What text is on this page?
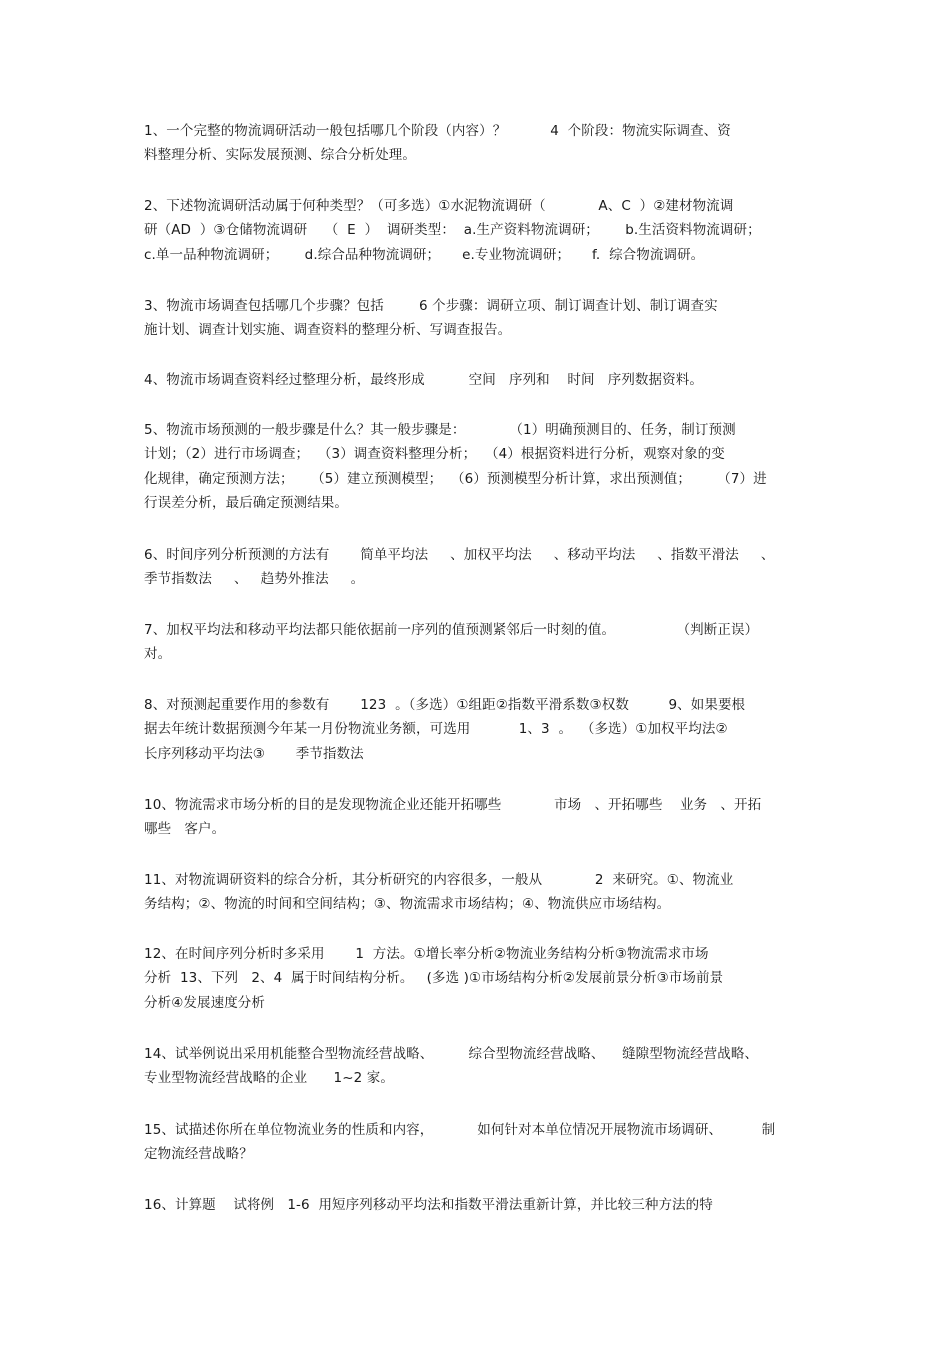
1、一个完整的物流调研活动一般包括哪几个阶段（内容）？          4  个阶段：物流实际调查、资
料整理分析、实际发展预测、综合分析处理。
2、下述物流调研活动属于何种类型？（可多选）①水泥物流调研（            A、C  ）②建材物流调
研（AD  ）③仓储物流调研    （  E  ）  调研类型：  a.生产资料物流调研；      b.生活资料物流调研；
c.单一品种物流调研；      d.综合品种物流调研；     e.专业物流调研；     f.  综合物流调研。
3、物流市场调查包括哪几个步骤？包括        6 个步骤：调研立项、制订调查计划、制订调查实
施计划、调查计划实施、调查资料的整理分析、写调查报告。
4、物流市场调查资料经过整理分析，最终形成          空间   序列和    时间   序列数据资料。
5、物流市场预测的一般步骤是什么？其一般步骤是：          （1）明确预测目的、任务，制订预测
计划；（2）进行市场调查；  （3）调查资料整理分析；  （4）根据资料进行分析，观察对象的变
化规律，确定预测方法；    （5）建立预测模型；  （6）预测模型分析计算，求出预测值；      （7）进
行误差分析，最后确定预测结果。
6、时间序列分析预测的方法有       简单平均法     、加权平均法     、移动平均法     、指数平滑法     、
季节指数法     、   趋势外推法     。
7、加权平均法和移动平均法都只能依据前一序列的值预测紧邻后一时刻的值。              （判断正误）
对。
8、对预测起重要作用的参数有       123  。（多选）①组距②指数平滑系数③权数         9、如果要根
据去年统计数据预测今年某一月份物流业务额，可选用           1、3  。  （多选）①加权平均法②
长序列移动平均法③       季节指数法
10、物流需求市场分析的目的是发现物流企业还能开拓哪些            市场   、开拓哪些    业务   、开拓
哪些   客户。
11、对物流调研资料的综合分析，其分析研究的内容很多，一般从            2  来研究。①、物流业
务结构；②、物流的时间和空间结构；③、物流需求市场结构；④、物流供应市场结构。
12、在时间序列分析时多采用       1  方法。①增长率分析②物流业务结构分析③物流需求市场
分析  13、下列   2、4  属于时间结构分析。   (多选 )①市场结构分析②发展前景分析③市场前景
分析④发展速度分析
14、试举例说出采用机能整合型物流经营战略、        综合型物流经营战略、    缝隙型物流经营战略、
专业型物流经营战略的企业      1~2 家。
15、试描述你所在单位物流业务的性质和内容，          如何针对本单位情况开展物流市场调研、         制
定物流经营战略？
16、计算题    试将例   1-6  用短序列移动平均法和指数平滑法重新计算，并比较三种方法的特
